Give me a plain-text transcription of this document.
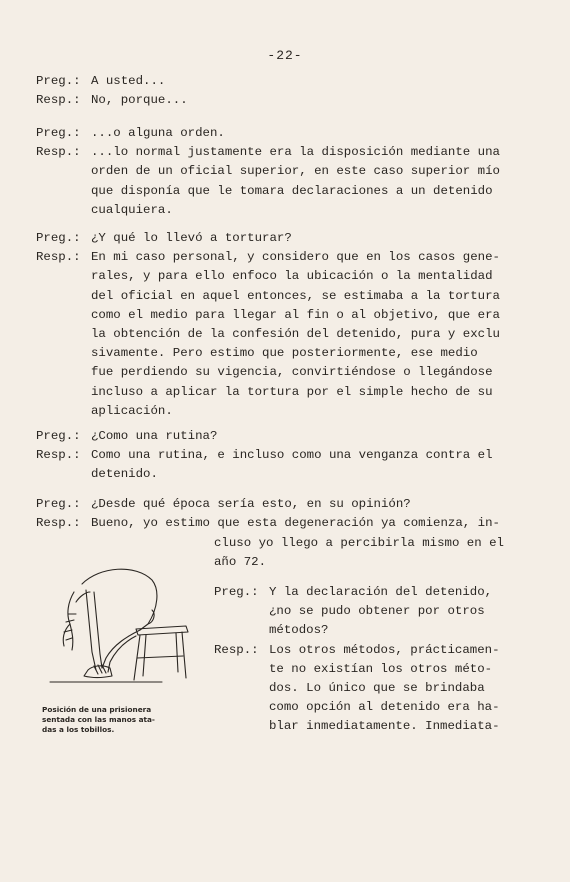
-22-
Preg.: A usted...
Resp.: No, porque...
Preg.: ...o alguna orden.
Resp.: ...lo normal justamente era la disposición mediante una
orden de un oficial superior, en este caso superior mío
que disponía que le tomara declaraciones a un detenido
cualquiera.
Preg.: ¿Y qué lo llevó a torturar?
Resp.: En mi caso personal, y considero que en los casos gene-
rales, y para ello enfoco la ubicación o la mentalidad
del oficial en aquel entonces, se estimaba a la tortura
como el medio para llegar al fin o al objetivo, que era
la obtención de la confesión del detenido, pura y exclu
sivamente. Pero estimo que posteriormente, ese medio
fue perdiendo su vigencia, convirtiéndose o llegándose
incluso a aplicar la tortura por el simple hecho de su
aplicación.
Preg.: ¿Como una rutina?
Resp.: Como una rutina, e incluso como una venganza contra el
detenido.
Preg.: ¿Desde qué época sería esto, en su opinión?
Resp.: Bueno, yo estimo que esta degeneración ya comienza, in-
cluso yo llego a percibirla mismo en el
año 72.
Preg.: Y la declaración del detenido,
¿no se pudo obtener por otros
métodos?
Resp.: Los otros métodos, prácticamen-
te no existían los otros méto-
dos. Lo único que se brindaba
como opción al detenido era ha-
blar inmediatamente. Inmediata-
Posición de una prisionera
sentada con las manos ata-
das a los tobillos.
